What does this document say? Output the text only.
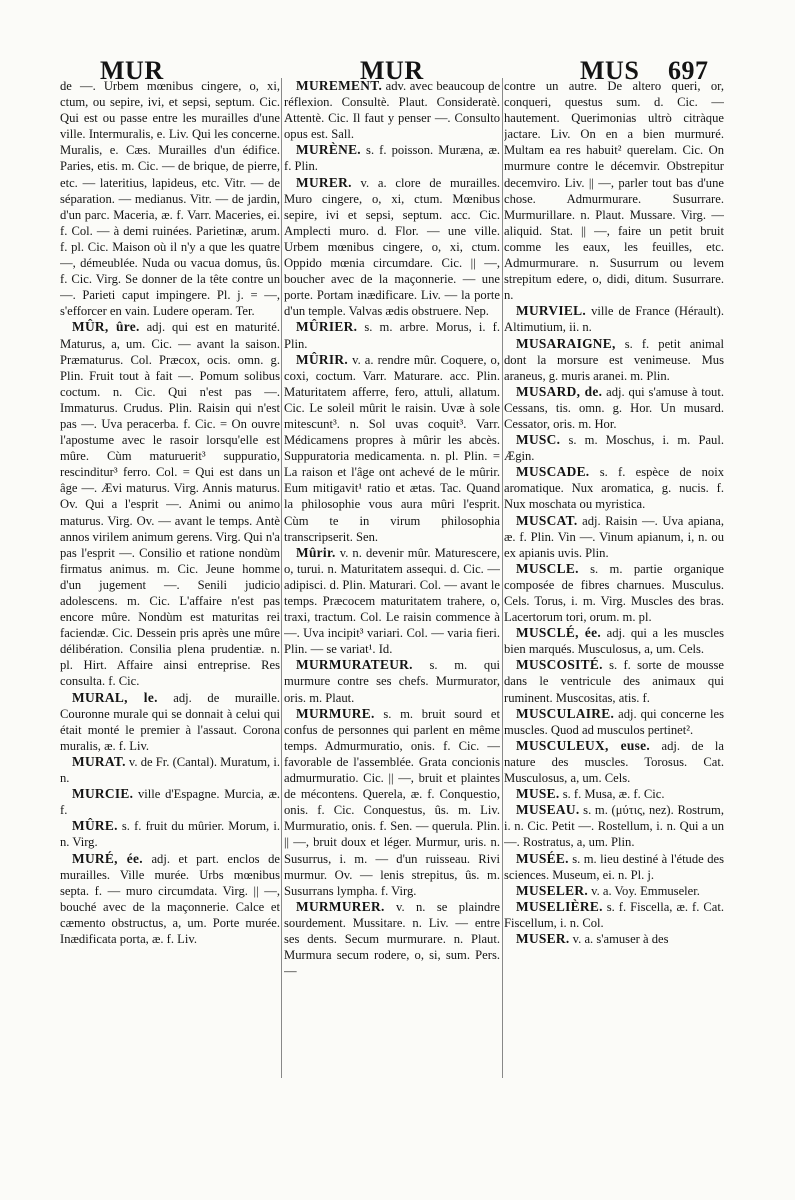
MUR	MUR	MUS 697

de —. Urbem mœnibus cingere, o, xi, ctum, ou sepire, ivi, et sepsi, septum. Cic. Qui est ou passe entre les murailles d'une ville. Intermuralis, e. Liv. Qui les concerne. Muralis, e. Cæs. Murailles d'un édifice. Paries, etis. m. Cic. — de brique, de pierre, etc. — lateritius, lapideus, etc. Vitr. — de séparation. — medianus. Vitr. — de jardin, d'un parc. Maceria, æ. f. Varr. Maceries, ei. f. Col. — à demi ruinées. Parietinæ, arum. f. pl. Cic. Maison où il n'y a que les quatre —, démeublée. Nuda ou vacua domus, ûs. f. Cic. Virg. Se donner de la tête contre un —. Parieti caput impingere. Pl. j. = —, s'efforcer en vain. Ludere operam. Ter.

MÛR, ûre. adj. qui est en maturité. Maturus, a, um. Cic. — avant la saison. Præmaturus. Col. Præcox, ocis. omn. g. Plin. Fruit tout à fait —. Pomum solibus coctum. n. Cic. Qui n'est pas —. Immaturus. Crudus. Plin. Raisin qui n'est pas —. Uva peracerba. f. Cic. = On ouvre l'apostume avec le rasoir lorsqu'elle est mûre. Cùm maturuerit³ suppuratio, rescinditur³ ferro. Col. = Qui est dans un âge —. Ævi maturus. Virg. Annis maturus. Ov. Qui a l'esprit —. Animi ou animo maturus. Virg. Ov. — avant le temps. Antè annos virilem animum gerens. Virg. Qui n'a pas l'esprit —. Consilio et ratione nondùm firmatus animus. m. Cic. Jeune homme d'un jugement —. Senili judicio adolescens. m. Cic. L'affaire n'est pas encore mûre. Nondùm est maturitas rei faciendæ. Cic. Dessein pris après une mûre délibération. Consilia plena prudentiæ. n. pl. Hirt. Affaire ainsi entreprise. Res consulta. f. Cic.

MURAL, le. adj. de muraille. Couronne murale qui se donnait à celui qui était monté le premier à l'assaut. Corona muralis, æ. f. Liv.

MURAT. v. de Fr. (Cantal). Muratum, i. n.

MURCIE. ville d'Espagne. Murcia, æ. f.

MÛRE. s. f. fruit du mûrier. Morum, i. n. Virg.

MURÉ, ée. adj. et part. enclos de murailles. Ville murée. Urbs mœnibus septa. f. — muro circumdata. Virg. || —, bouché avec de la maçonnerie. Calce et cæmento obstructus, a, um. Porte murée. Inædificata porta, æ. f. Liv.

MUREMENT. adv. avec beaucoup de réflexion. Consultè. Plaut. Consideratè. Attentè. Cic. Il faut y penser —. Consulto opus est. Sall.

MURÈNE. s. f. poisson. Muræna, æ. f. Plin.

MURER. v. a. clore de murailles. Muro cingere, o, xi, ctum. Mœnibus sepire, ivi et sepsi, septum. acc. Cic. Amplecti muro. d. Flor. — une ville. Urbem mœnibus cingere, o, xi, ctum. Oppido mœnia circumdare. Cic. || —, boucher avec de la maçonnerie. — une porte. Portam inædificare. Liv. — la porte d'un temple. Valvas ædis obstruere. Nep.

MÛRIER. s. m. arbre. Morus, i. f. Plin.

MÛRIR. v. a. rendre mûr. Coquere, o, coxi, coctum. Varr. Maturare. acc. Plin. Maturitatem afferre, fero, attuli, allatum. Cic. Le soleil mûrit le raisin. Uvæ à sole mitescunt³. n. Sol uvas coquit³. Varr. Médicamens propres à mûrir les abcès. Suppuratoria medicamenta. n. pl. Plin. = La raison et l'âge ont achevé de le mûrir. Eum mitigavit¹ ratio et ætas. Tac. Quand la philosophie vous aura mûri l'esprit. Cùm te in virum philosophia transcripserit. Sen.

Mûrir. v. n. devenir mûr. Maturescere, o, turui. n. Maturitatem assequi. d. Cic. — adipisci. d. Plin. Maturari. Col. — avant le temps. Præcocem maturitatem trahere, o, traxi, tractum. Col. Le raisin commence à —. Uva incipit³ variari. Col. — varia fieri. Plin. — se variat¹. Id.

MURMURATEUR. s. m. qui murmure contre ses chefs. Murmurator, oris. m. Plaut.

MURMURE. s. m. bruit sourd et confus de personnes qui parlent en même temps. Admurmuratio, onis. f. Cic. — favorable de l'assemblée. Grata concionis admurmuratio. Cic. || —, bruit et plaintes de mécontens. Querela, æ. f. Conquestio, onis. f. Cic. Conquestus, ûs. m. Liv. Murmuratio, onis. f. Sen. — querula. Plin. || —, bruit doux et léger. Murmur, uris. n. Susurrus, i. m. — d'un ruisseau. Rivi murmur. Ov. — lenis strepitus, ûs. m. Susurrans lympha. f. Virg.

MURMURER. v. n. se plaindre sourdement. Mussitare. n. Liv. — entre ses dents. Secum murmurare. n. Plaut. Murmura secum rodere, o, si, sum. Pers. —

contre un autre. De altero queri, or, conqueri, questus sum. d. Cic. — hautement. Querimonias ultrò citràque jactare. Liv. On en a bien murmuré. Multam ea res habuit² querelam. Cic. On murmure contre le décemvir. Obstrepitur decemviro. Liv. || —, parler tout bas d'une chose. Admurmurare. Susurrare. Murmurillare. n. Plaut. Mussare. Virg. — aliquid. Stat. || —, faire un petit bruit comme les eaux, les feuilles, etc. Admurmurare. n. Susurrum ou levem strepitum edere, o, didi, ditum. Susurrare. n.

MURVIEL. ville de France (Hérault). Altimutium, ii. n.

MUSARAIGNE, s. f. petit animal dont la morsure est venimeuse. Mus araneus, g. muris aranei. m. Plin.

MUSARD, de. adj. qui s'amuse à tout. Cessans, tis. omn. g. Hor. Un musard. Cessator, oris. m. Hor.

MUSC. s. m. Moschus, i. m. Paul. Ægin.

MUSCADE. s. f. espèce de noix aromatique. Nux aromatica, g. nucis. f. Nux moschata ou myristica.

MUSCAT. adj. Raisin —. Uva apiana, æ. f. Plin. Vin —. Vinum apianum, i, n. ou ex apianis uvis. Plin.

MUSCLE. s. m. partie organique composée de fibres charnues. Musculus. Cels. Torus, i. m. Virg. Muscles des bras. Lacertorum tori, orum. m. pl.

MUSCLÉ, ée. adj. qui a les muscles bien marqués. Musculosus, a, um. Cels.

MUSCOSITÉ. s. f. sorte de mousse dans le ventricule des animaux qui ruminent. Muscositas, atis. f.

MUSCULAIRE. adj. qui concerne les muscles. Quod ad musculos pertinet².

MUSCULEUX, euse. adj. de la nature des muscles. Torosus. Cat. Musculosus, a, um. Cels.

MUSE. s. f. Musa, æ. f. Cic.

MUSEAU. s. m. (μύτις, nez). Rostrum, i. n. Cic. Petit —. Rostellum, i. n. Qui a un —. Rostratus, a, um. Plin.

MUSÉE. s. m. lieu destiné à l'étude des sciences. Museum, ei. n. Pl. j.

MUSELER. v. a. Voy. Emmuseler.

MUSELIÈRE. s. f. Fiscella, æ. f. Cat. Fiscellum, i. n. Col.

MUSER. v. a. s'amuser à des
